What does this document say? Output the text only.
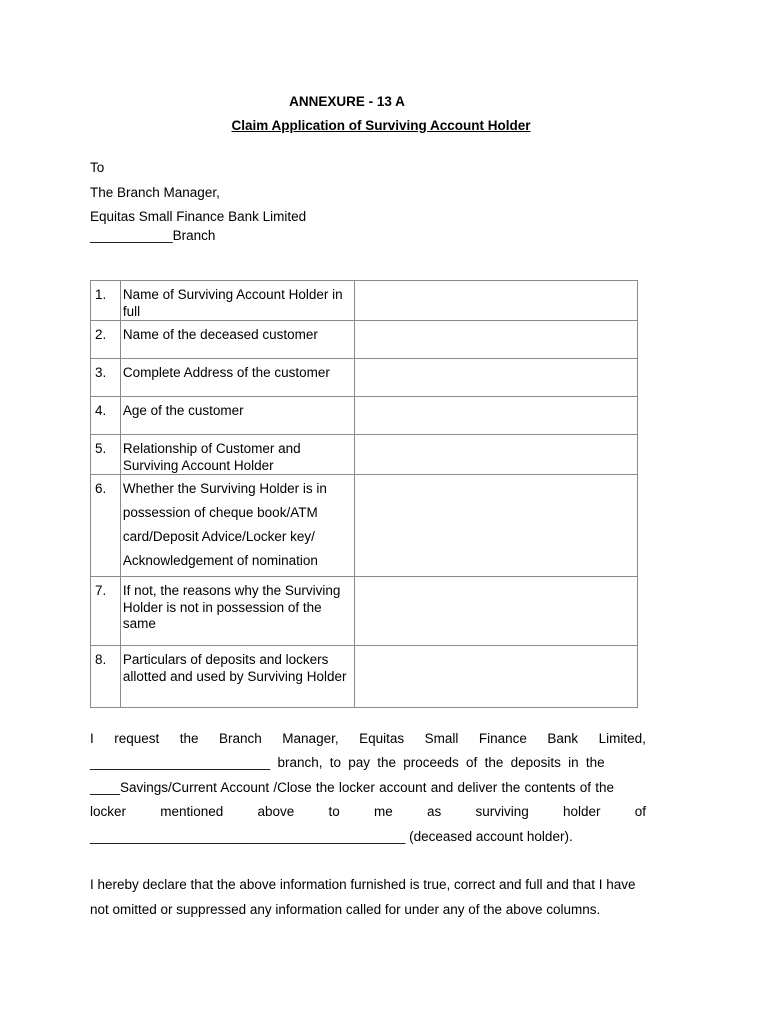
ANNEXURE - 13 A
Claim Application of Surviving Account Holder
To
The Branch Manager,
Equitas Small Finance Bank Limited
___________Branch
1.	Name of Surviving Account Holder in full	
2.	Name of the deceased customer	
3.	Complete Address of the customer	
4.	Age of the customer	
5.	Relationship of Customer and Surviving Account Holder	
6.	Whether the Surviving Holder is in possession of cheque book/ATM card/Deposit Advice/Locker key/ Acknowledgement of nomination	
7.	If not, the reasons why the Surviving Holder is not in possession of the same	
8.	Particulars of deposits and lockers allotted and used by Surviving Holder	
I request the Branch Manager, Equitas Small Finance Bank Limited,
________________________ branch, to pay the proceeds of the deposits in the
____Savings/Current Account /Close the locker account and deliver the contents of the
locker	mentioned	above	to	me	as	surviving	holder	of
__________________________________________ (deceased account holder).
I hereby declare that the above information furnished is true, correct and full and that I have
not omitted or suppressed any information called for under any of the above columns.
